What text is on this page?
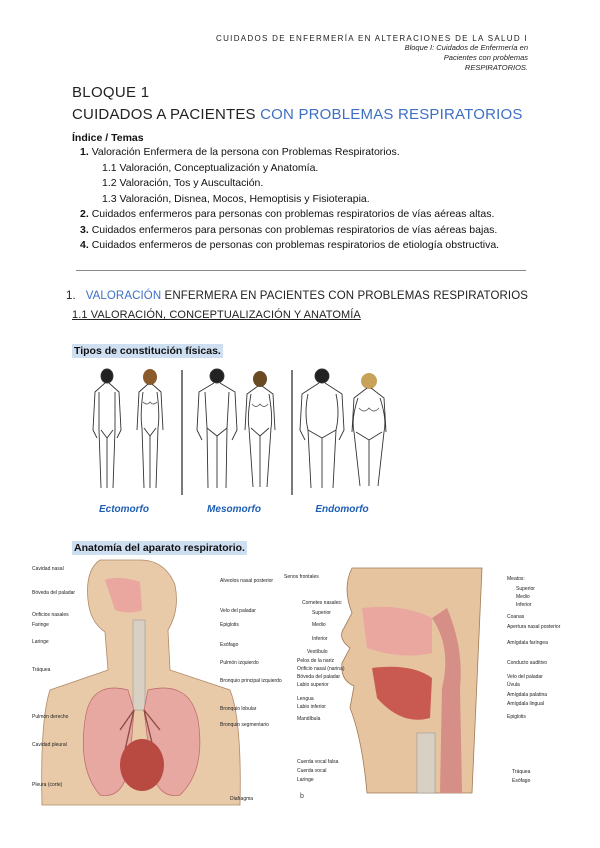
CUIDADOS DE ENFERMERÍA EN ALTERACIONES DE LA SALUD I
Bloque I: Cuidados de Enfermería en
Pacientes con problemas
RESPIRATORIOS.
BLOQUE 1
CUIDADOS A PACIENTES CON PROBLEMAS RESPIRATORIOS
Índice / Temas
1. Valoración Enfermera de la persona con Problemas Respiratorios.
1.1 Valoración, Conceptualización y Anatomía.
1.2 Valoración, Tos y Auscultación.
1.3 Valoración, Disnea, Mocos, Hemoptisis y Fisioterapia.
2. Cuidados enfermeros para personas con problemas respiratorios de vías aéreas altas.
3. Cuidados enfermeros para personas con problemas respiratorios de vías aéreas bajas.
4. Cuidados enfermeros de personas con problemas respiratorios de etiología obstructiva.
1. VALORACIÓN ENFERMERA EN PACIENTES CON PROBLEMAS RESPIRATORIOS
1.1 VALORACIÓN, CONCEPTUALIZACIÓN Y ANATOMÍA
Tipos de constitución físicas.
Ectomorfo	Mesomorfo	Endomorfo
Anatomía del aparato respiratorio.
Cavidad nasal
Bóveda del paladar
Orificios nasales
Faringe
Laringe
Tráquea
Pulmón derecho
Cavidad pleural
Pleura (corte)
Alveolos nasal posterior
Velo del paladar
Epiglotis
Esófago
Pulmón izquierdo
Bronquio principal izquierdo
Bronquio lobular
Bronquio segmentario
Diafragma
Senos frontales
Cornetes nasales:
Superior
Medio
Inferior
Vestíbulo
Pelos de la nariz
Orificio nasal (narina)
Bóveda del paladar
Labio superior
Lengua
Labio inferior
Mandíbula
Cuerda vocal falsa
Cuerda vocal
Laringe
Meatos:
Superior
Medio
Inferior
Coanas
Apertura nasal posterior
Amígdala faríngea
Conducto auditivo
Velo del paladar
Úvula
Amígdala palatina
Amígdala lingual
Epiglotis
Tráquea
Esófago
b
